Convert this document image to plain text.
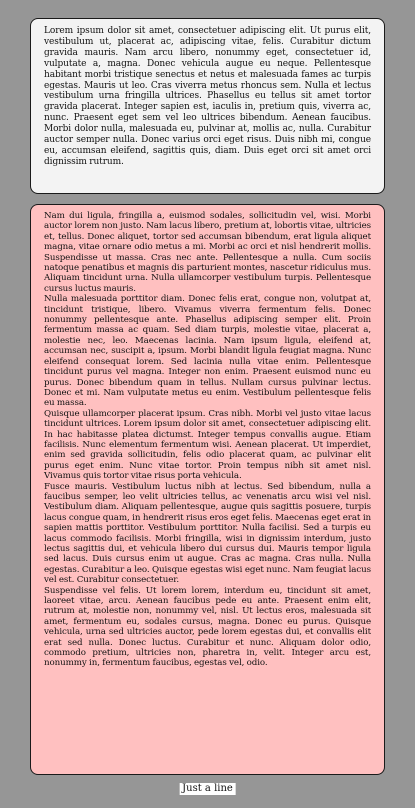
Lorem ipsum dolor sit amet, consectetuer adipiscing elit. Ut purus elit, vestibulum ut, placerat ac, adipiscing vitae, felis. Curabitur dictum gravida mauris. Nam arcu libero, nonummy eget, consectetuer id, vulputate a, magna. Donec vehicula augue eu neque. Pellentesque habitant morbi tristique senectus et netus et malesuada fames ac turpis egestas. Mauris ut leo. Cras viverra metus rhoncus sem. Nulla et lectus vestibulum urna fringilla ultrices. Phasellus eu tellus sit amet tortor gravida placerat. Integer sapien est, iaculis in, pretium quis, viverra ac, nunc. Praesent eget sem vel leo ultrices bibendum. Aenean faucibus. Morbi dolor nulla, malesuada eu, pulvinar at, mollis ac, nulla. Curabitur auctor semper nulla. Donec varius orci eget risus. Duis nibh mi, congue eu, accumsan eleifend, sagittis quis, diam. Duis eget orci sit amet orci dignissim rutrum.

Nam dui ligula, fringilla a, euismod sodales, sollicitudin vel, wisi. Morbi auctor lorem non justo. Nam lacus libero, pretium at, lobortis vitae, ultricies et, tellus. Donec aliquet, tortor sed accumsan bibendum, erat ligula aliquet magna, vitae ornare odio metus a mi. Morbi ac orci et nisl hendrerit mollis. Suspendisse ut massa. Cras nec ante. Pellentesque a nulla. Cum sociis natoque penatibus et magnis dis parturient montes, nascetur ridiculus mus. Aliquam tincidunt urna. Nulla ullamcorper vestibulum turpis. Pellentesque cursus luctus mauris.

Nulla malesuada porttitor diam. Donec felis erat, congue non, volutpat at, tincidunt tristique, libero. Vivamus viverra fermentum felis. Donec nonummy pellentesque ante. Phasellus adipiscing semper elit. Proin fermentum massa ac quam. Sed diam turpis, molestie vitae, placerat a, molestie nec, leo. Maecenas lacinia. Nam ipsum ligula, eleifend at, accumsan nec, suscipit a, ipsum. Morbi blandit ligula feugiat magna. Nunc eleifend consequat lorem. Sed lacinia nulla vitae enim. Pellentesque tincidunt purus vel magna. Integer non enim. Praesent euismod nunc eu purus. Donec bibendum quam in tellus. Nullam cursus pulvinar lectus. Donec et mi. Nam vulputate metus eu enim. Vestibulum pellentesque felis eu massa.

Quisque ullamcorper placerat ipsum. Cras nibh. Morbi vel justo vitae lacus tincidunt ultrices. Lorem ipsum dolor sit amet, consectetuer adipiscing elit. In hac habitasse platea dictumst. Integer tempus convallis augue. Etiam facilisis. Nunc elementum fermentum wisi. Aenean placerat. Ut imperdiet, enim sed gravida sollicitudin, felis odio placerat quam, ac pulvinar elit purus eget enim. Nunc vitae tortor. Proin tempus nibh sit amet nisl. Vivamus quis tortor vitae risus porta vehicula.

Fusce mauris. Vestibulum luctus nibh at lectus. Sed bibendum, nulla a faucibus semper, leo velit ultricies tellus, ac venenatis arcu wisi vel nisl. Vestibulum diam. Aliquam pellentesque, augue quis sagittis posuere, turpis lacus congue quam, in hendrerit risus eros eget felis. Maecenas eget erat in sapien mattis porttitor. Vestibulum porttitor. Nulla facilisi. Sed a turpis eu lacus commodo facilisis. Morbi fringilla, wisi in dignissim interdum, justo lectus sagittis dui, et vehicula libero dui cursus dui. Mauris tempor ligula sed lacus. Duis cursus enim ut augue. Cras ac magna. Cras nulla. Nulla egestas. Curabitur a leo. Quisque egestas wisi eget nunc. Nam feugiat lacus vel est. Curabitur consectetuer.

Suspendisse vel felis. Ut lorem lorem, interdum eu, tincidunt sit amet, laoreet vitae, arcu. Aenean faucibus pede eu ante. Praesent enim elit, rutrum at, molestie non, nonummy vel, nisl. Ut lectus eros, malesuada sit amet, fermentum eu, sodales cursus, magna. Donec eu purus. Quisque vehicula, urna sed ultricies auctor, pede lorem egestas dui, et convallis elit erat sed nulla. Donec luctus. Curabitur et nunc. Aliquam dolor odio, commodo pretium, ultricies non, pharetra in, velit. Integer arcu est, nonummy in, fermentum faucibus, egestas vel, odio.

Just a line
